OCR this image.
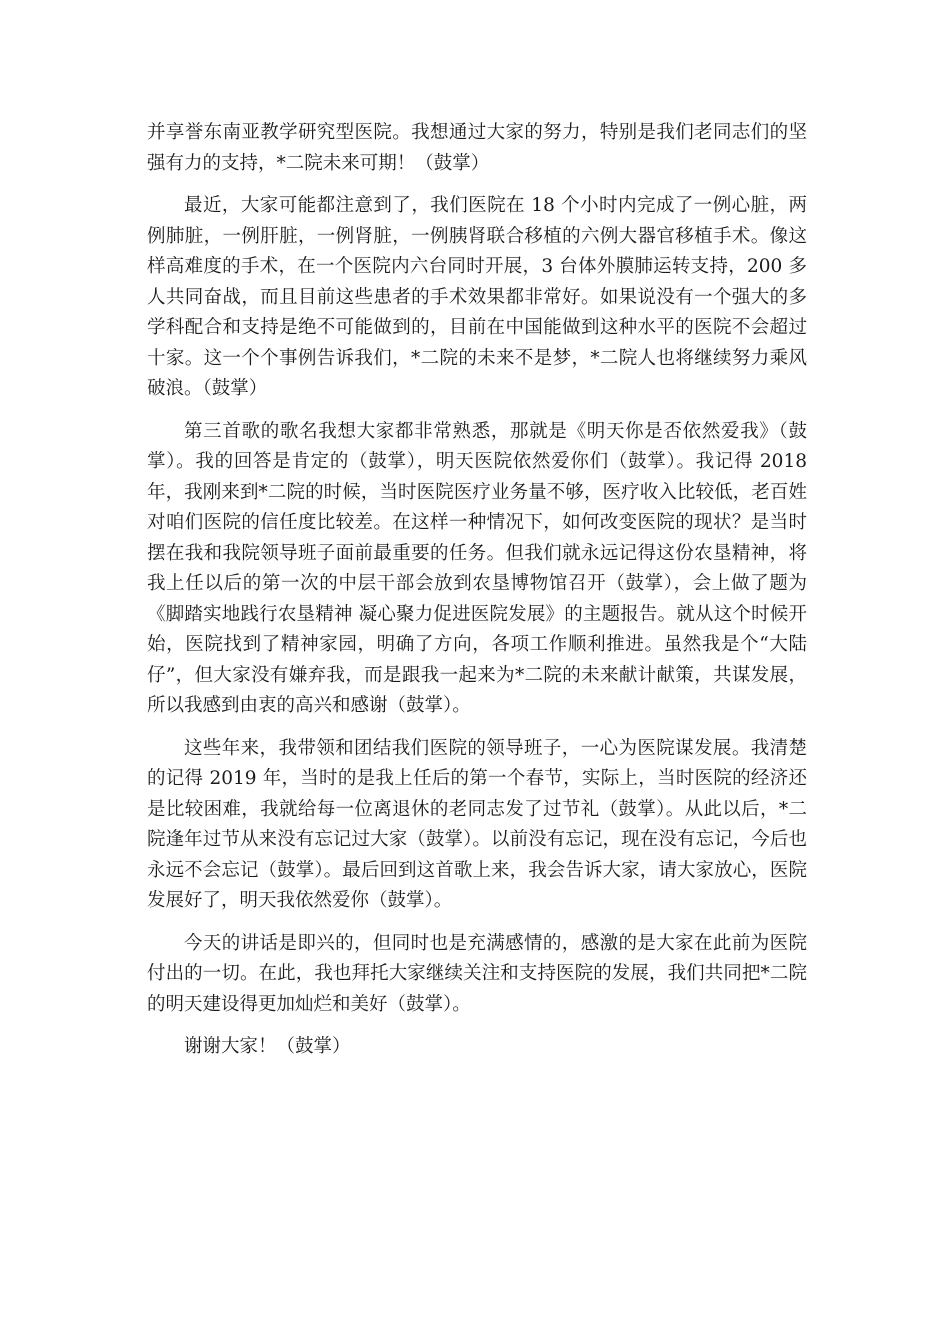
并享誉东南亚教学研究型医院。我想通过大家的努力，特别是我们老同志们的坚强有力的支持，*二院未来可期！（鼓掌）

最近，大家可能都注意到了，我们医院在 18 个小时内完成了一例心脏，两例肺脏，一例肝脏，一例肾脏，一例胰肾联合移植的六例大器官移植手术。像这样高难度的手术，在一个医院内六台同时开展，3 台体外膜肺运转支持，200 多人共同奋战，而且目前这些患者的手术效果都非常好。如果说没有一个强大的多学科配合和支持是绝不可能做到的，目前在中国能做到这种水平的医院不会超过十家。这一个个事例告诉我们，*二院的未来不是梦，*二院人也将继续努力乘风破浪。（鼓掌）

第三首歌的歌名我想大家都非常熟悉，那就是《明天你是否依然爱我》（鼓掌）。我的回答是肯定的（鼓掌），明天医院依然爱你们（鼓掌）。我记得 2018 年，我刚来到*二院的时候，当时医院医疗业务量不够，医疗收入比较低，老百姓对咱们医院的信任度比较差。在这样一种情况下，如何改变医院的现状？是当时摆在我和我院领导班子面前最重要的任务。但我们就永远记得这份农垦精神，将我上任以后的第一次的中层干部会放到农垦博物馆召开（鼓掌），会上做了题为《脚踏实地践行农垦精神 凝心聚力促进医院发展》的主题报告。就从这个时候开始，医院找到了精神家园，明确了方向，各项工作顺利推进。虽然我是个“大陆仔”，但大家没有嫌弃我，而是跟我一起来为*二院的未来献计献策，共谋发展，所以我感到由衷的高兴和感谢（鼓掌）。

这些年来，我带领和团结我们医院的领导班子，一心为医院谋发展。我清楚的记得 2019 年，当时的是我上任后的第一个春节，实际上，当时医院的经济还是比较困难，我就给每一位离退休的老同志发了过节礼（鼓掌）。从此以后，*二院逢年过节从来没有忘记过大家（鼓掌）。以前没有忘记，现在没有忘记，今后也永远不会忘记（鼓掌）。最后回到这首歌上来，我会告诉大家，请大家放心，医院发展好了，明天我依然爱你（鼓掌）。

今天的讲话是即兴的，但同时也是充满感情的，感激的是大家在此前为医院付出的一切。在此，我也拜托大家继续关注和支持医院的发展，我们共同把*二院的明天建设得更加灿烂和美好（鼓掌）。

谢谢大家！（鼓掌）
